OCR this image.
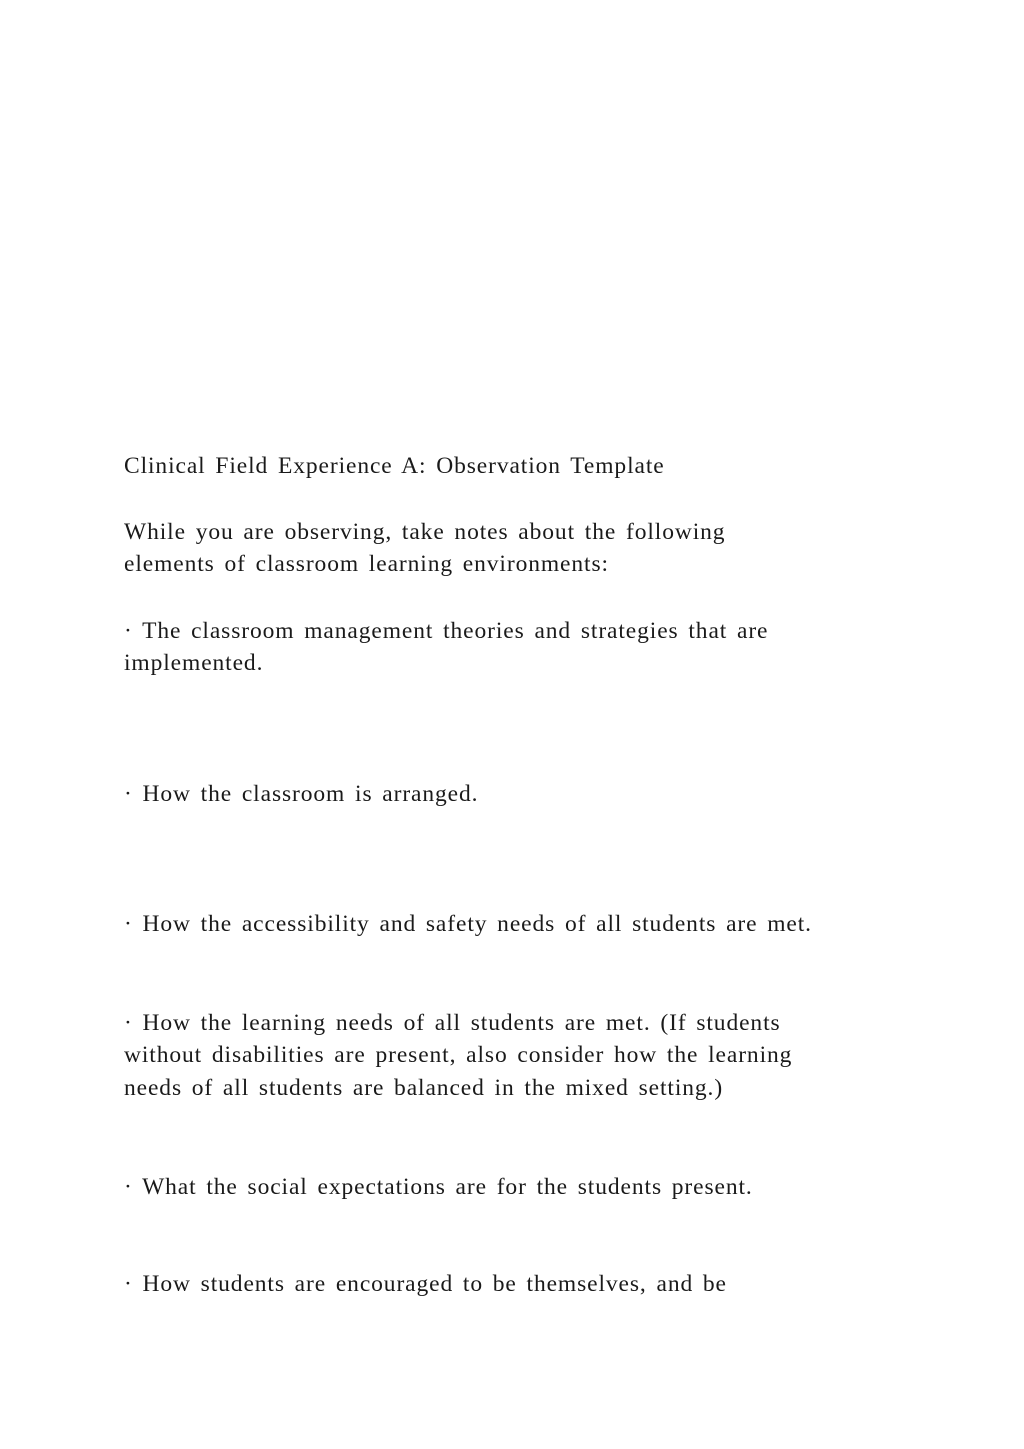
Clinical Field Experience A: Observation Template
While you are observing, take notes about the following
elements of classroom learning environments:
· The classroom management theories and strategies that are
implemented.
· How the classroom is arranged.
· How the accessibility and safety needs of all students are met.
· How the learning needs of all students are met. (If students
without disabilities are present, also consider how the learning
needs of all students are balanced in the mixed setting.)
· What the social expectations are for the students present.
· How students are encouraged to be themselves, and be
